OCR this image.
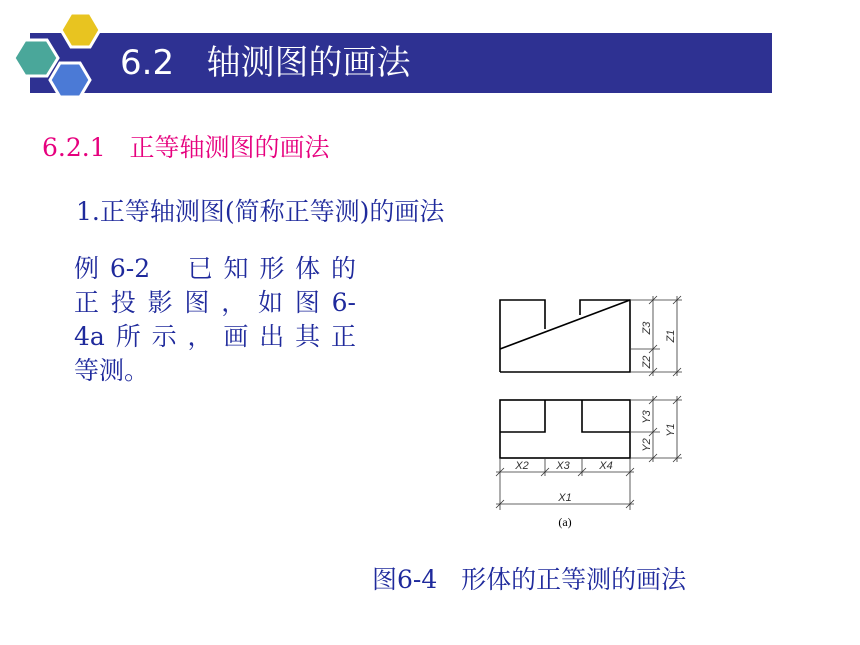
6.2   轴测图的画法
6.2.1   正等轴测图的画法
1.正等轴测图(简称正等测)的画法
例6-2  已知形体的
正投影图，如图6-
4a所示，画出其正
等测。
Z3
Z1
Z2
Y3
Y1
Y2
X2	X3	X4
X1
(a)
图6-4   形体的正等测的画法
